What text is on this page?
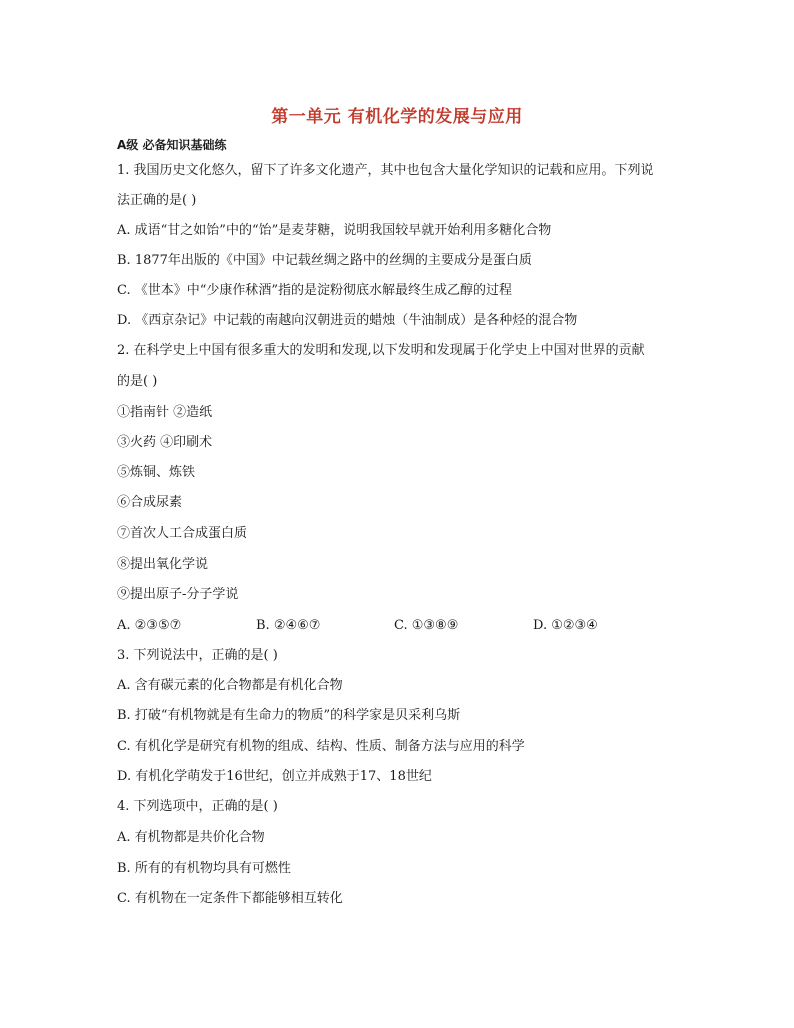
第一单元 有机化学的发展与应用
A级 必备知识基础练
1. 我国历史文化悠久，留下了许多文化遗产，其中也包含大量化学知识的记载和应用。下列说
法正确的是( )
A. 成语“甘之如饴”中的“饴”是麦芽糖，说明我国较早就开始利用多糖化合物
B. 1877年出版的《中国》中记载丝绸之路中的丝绸的主要成分是蛋白质
C. 《世本》中“少康作秫酒”指的是淀粉彻底水解最终生成乙醇的过程
D. 《西京杂记》中记载的南越向汉朝进贡的蜡烛（牛油制成）是各种烃的混合物
2. 在科学史上中国有很多重大的发明和发现,以下发明和发现属于化学史上中国对世界的贡献
的是( )
①指南针 ②造纸
③火药 ④印刷术
⑤炼铜、炼铁
⑥合成尿素
⑦首次人工合成蛋白质
⑧提出氧化学说
⑨提出原子-分子学说
A. ②③⑤⑦	B. ②④⑥⑦	C. ①③⑧⑨	D. ①②③④
3. 下列说法中，正确的是( )
A. 含有碳元素的化合物都是有机化合物
B. 打破“有机物就是有生命力的物质”的科学家是贝采利乌斯
C. 有机化学是研究有机物的组成、结构、性质、制备方法与应用的科学
D. 有机化学萌发于16世纪，创立并成熟于17、18世纪
4. 下列选项中，正确的是( )
A. 有机物都是共价化合物
B. 所有的有机物均具有可燃性
C. 有机物在一定条件下都能够相互转化
